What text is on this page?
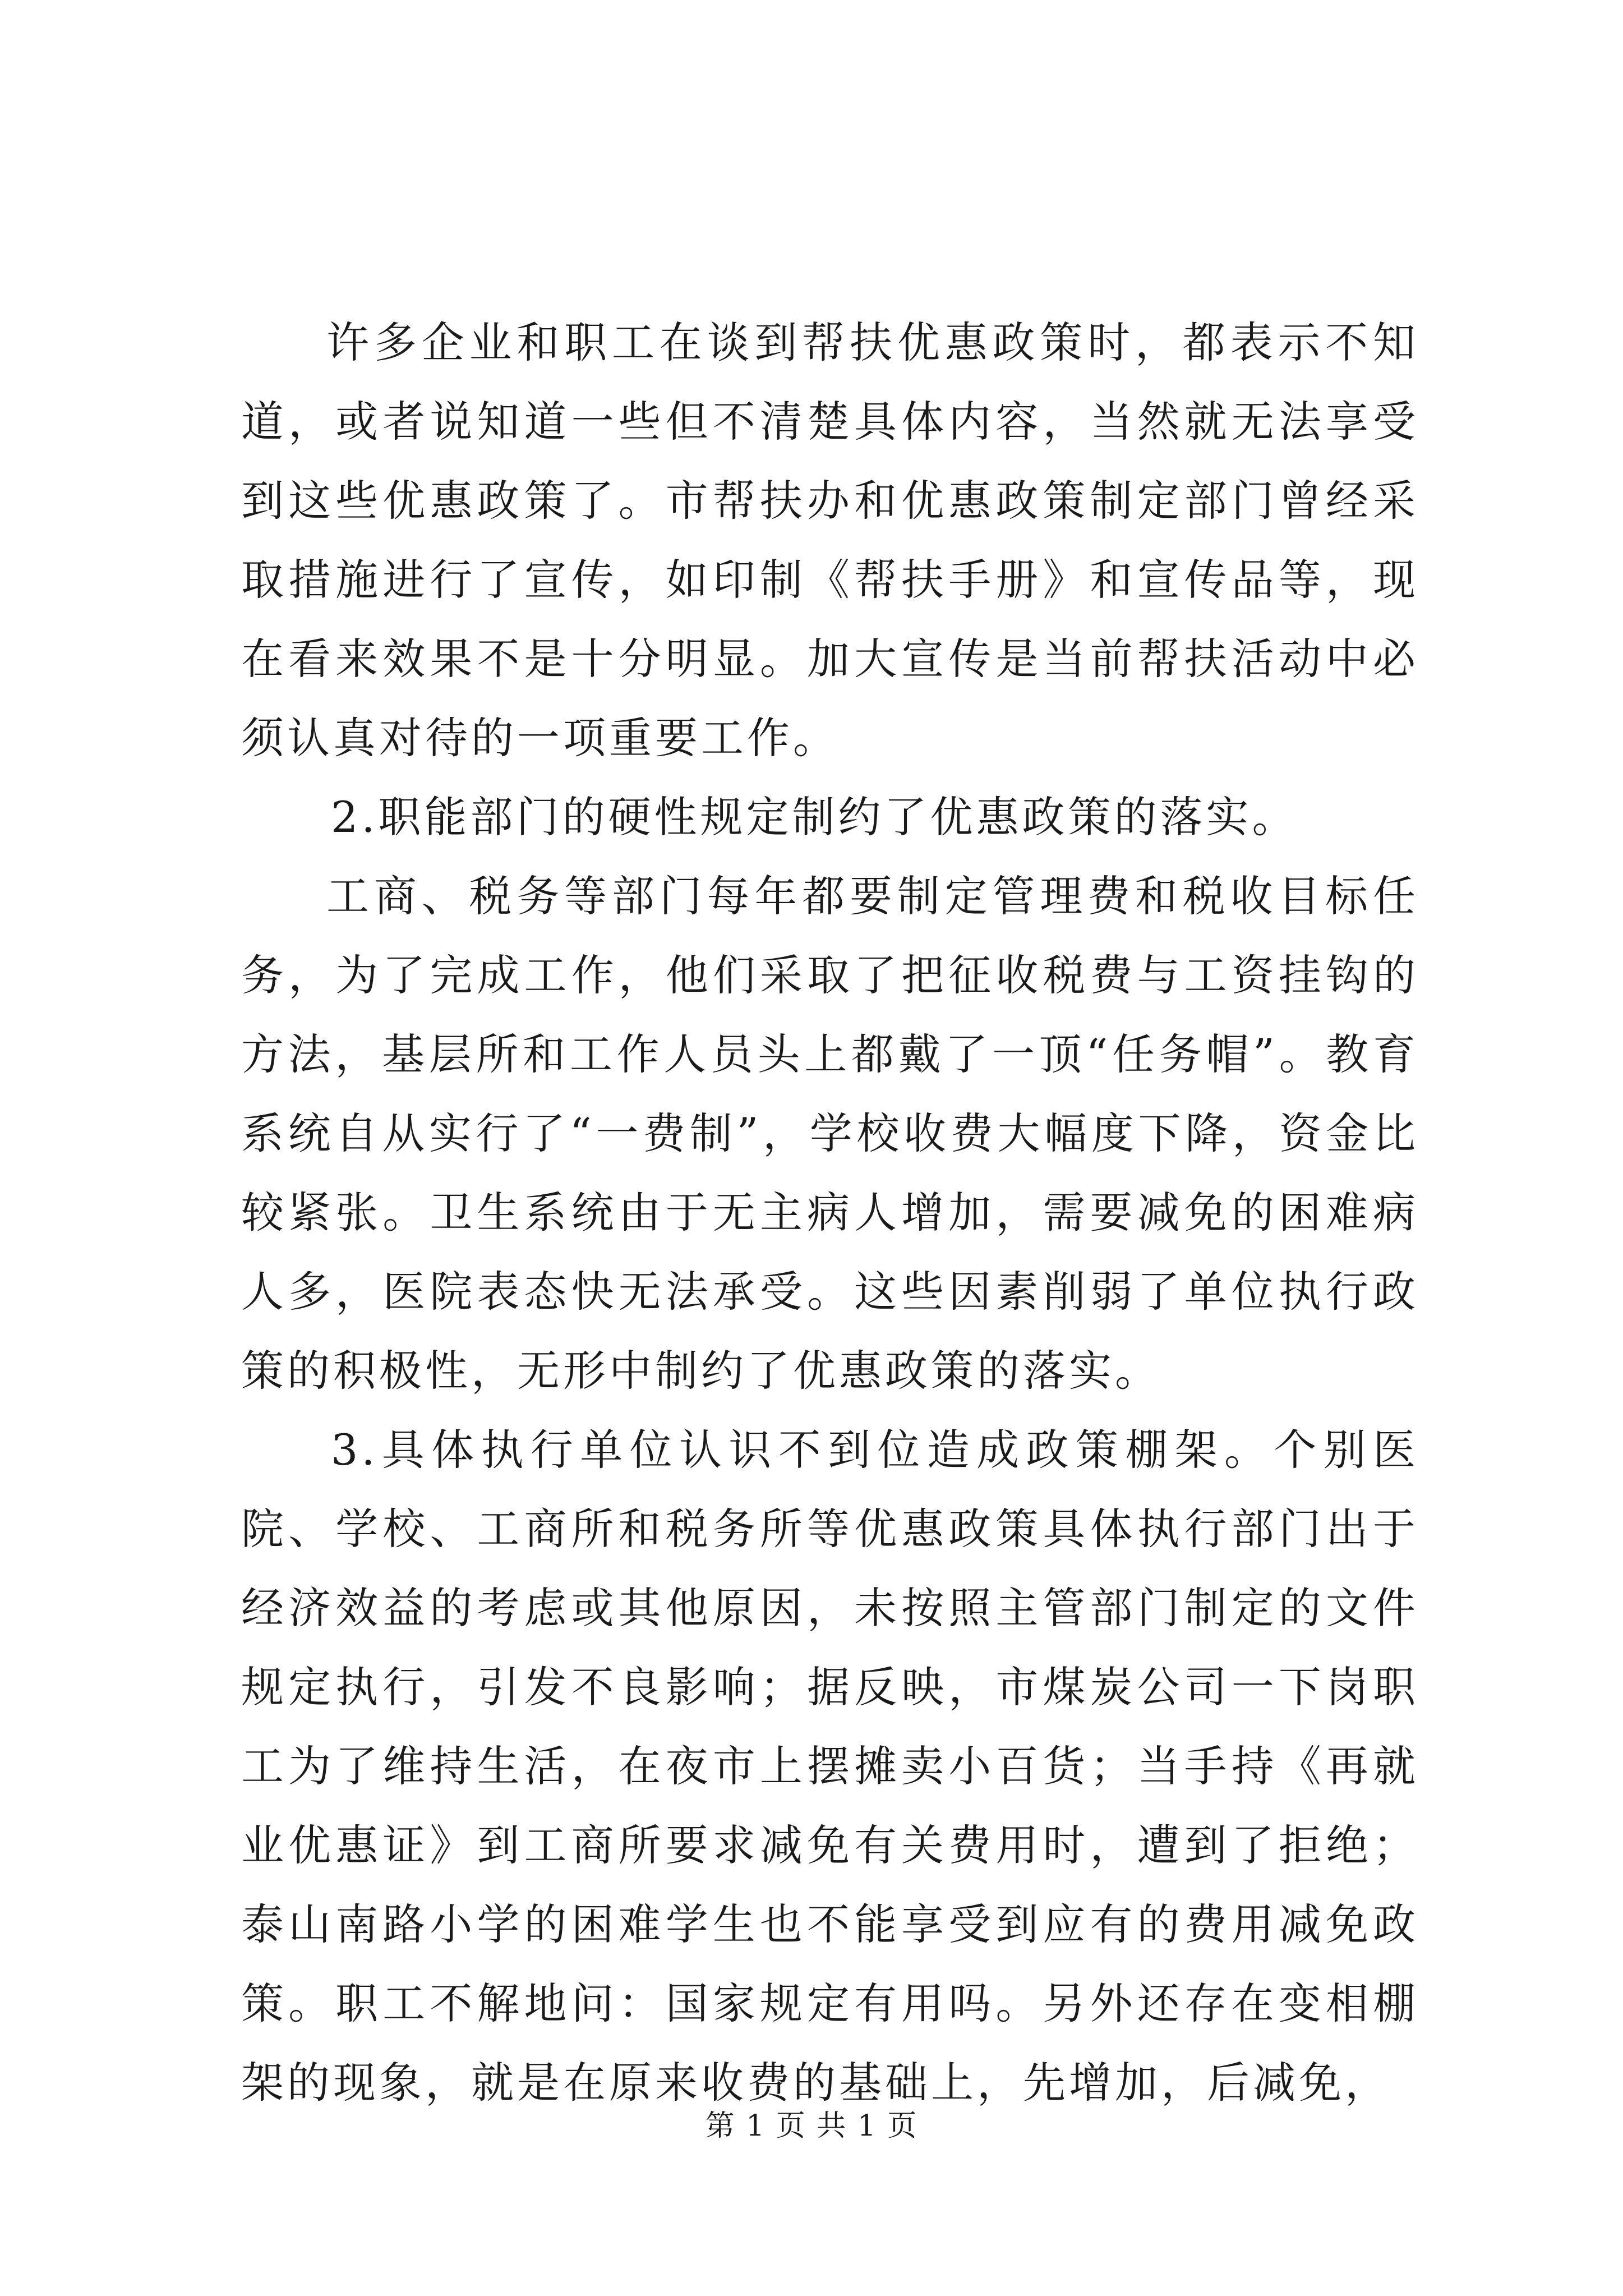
许多企业和职工在谈到帮扶优惠政策时，都表示不知道，或者说知道一些但不清楚具体内容，当然就无法享受到这些优惠政策了。市帮扶办和优惠政策制定部门曾经采取措施进行了宣传，如印制《帮扶手册》和宣传品等，现在看来效果不是十分明显。加大宣传是当前帮扶活动中必须认真对待的一项重要工作。

2.职能部门的硬性规定制约了优惠政策的落实。

工商、税务等部门每年都要制定管理费和税收目标任务，为了完成工作，他们采取了把征收税费与工资挂钩的方法，基层所和工作人员头上都戴了一顶“任务帽”。教育系统自从实行了“一费制”，学校收费大幅度下降，资金比较紧张。卫生系统由于无主病人增加，需要减免的困难病人多，医院表态快无法承受。这些因素削弱了单位执行政策的积极性，无形中制约了优惠政策的落实。

3.具体执行单位认识不到位造成政策棚架。个别医院、学校、工商所和税务所等优惠政策具体执行部门出于经济效益的考虑或其他原因，未按照主管部门制定的文件规定执行，引发不良影响；据反映，市煤炭公司一下岗职工为了维持生活，在夜市上摆摊卖小百货；当手持《再就业优惠证》到工商所要求减免有关费用时，遭到了拒绝；泰山南路小学的困难学生也不能享受到应有的费用减免政策。职工不解地问：国家规定有用吗。另外还存在变相棚架的现象，就是在原来收费的基础上，先增加，后减免，

第 1 页 共 1 页
